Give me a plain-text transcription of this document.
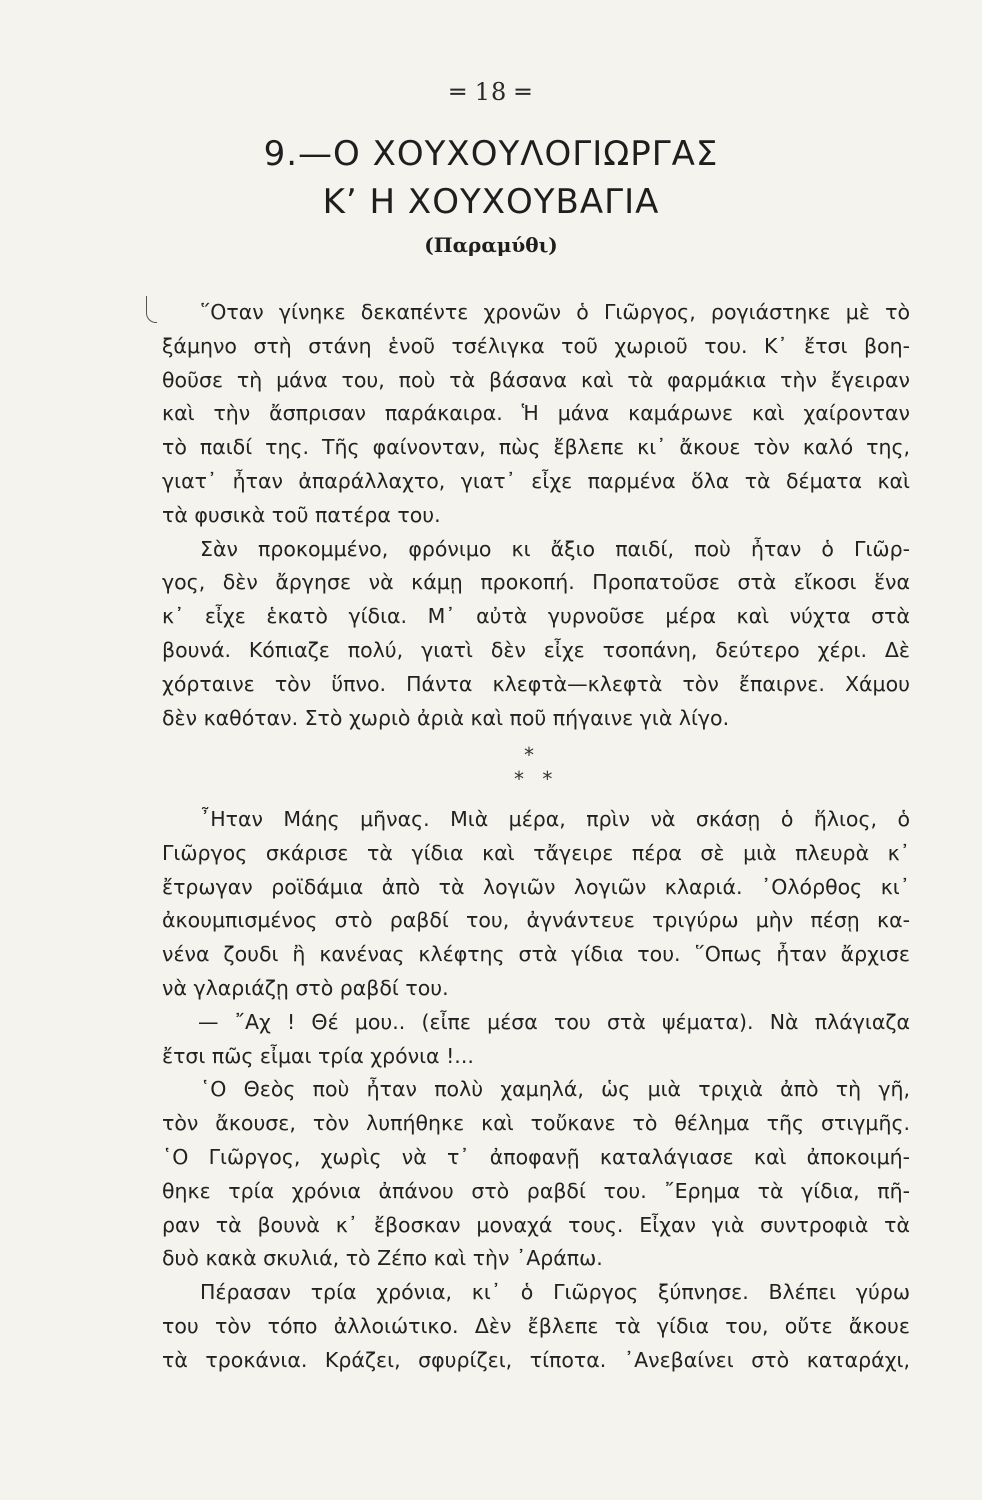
═ 18 ═
9.—Ο ΧΟΥΧΟΥΛΟΓΙΩΡΓΑΣ
Κ’ Η ΧΟΥΧΟΥΒΑΓΙΑ
(Παραμύθι)
῞Οταν γίνηκε δεκαπέντε χρονῶν ὁ Γιῶργος, ρογιάστηκε μὲ τὸ
ξάμηνο στὴ στάνη ἑνοῦ τσέλιγκα τοῦ χωριοῦ του. Κ᾿ ἔτσι βοη-
θοῦσε τὴ μάνα του, ποὺ τὰ βάσανα καὶ τὰ φαρμάκια τὴν ἔγειραν
καὶ τὴν ἄσπρισαν παράκαιρα. Ἡ μάνα καμάρωνε καὶ χαίρονταν
τὸ παιδί της. Τῆς φαίνονταν, πὼς ἔβλεπε κι᾿ ἄκουε τὸν καλό της,
γιατ᾿ ἦταν ἀπαράλλαχτο, γιατ᾿ εἶχε παρμένα ὅλα τὰ δέματα καὶ
τὰ φυσικὰ τοῦ πατέρα του.
Σὰν προκομμένο, φρόνιμο κι ἄξιο παιδί, ποὺ ἦταν ὁ Γιῶρ-
γος, δὲν ἄργησε νὰ κάμῃ προκοπή. Προπατοῦσε στὰ εἴκοσι ἕνα
κ᾿ εἶχε ἑκατὸ γίδια. Μ᾿ αὐτὰ γυρνοῦσε μέρα καὶ νύχτα στὰ
βουνά. Κόπιαζε πολύ, γιατὶ δὲν εἶχε τσοπάνη, δεύτερο χέρι. Δὲ
χόρταινε τὸν ὕπνο. Πάντα κλεφτὰ—κλεφτὰ τὸν ἔπαιρνε. Χάμου
δὲν καθόταν. Στὸ χωριὸ ἀριὰ καὶ ποῦ πήγαινε γιὰ λίγο.
*
* *
῏Ηταν Μάης μῆνας. Μιὰ μέρα, πρὶν νὰ σκάσῃ ὁ ἥλιος, ὁ
Γιῶργος σκάρισε τὰ γίδια καὶ τἄγειρε πέρα σὲ μιὰ πλευρὰ κ᾿
ἔτρωγαν ροϊδάμια ἀπὸ τὰ λογιῶν λογιῶν κλαριά. ᾿Ολόρθος κι᾿
ἀκουμπισμένος στὸ ραβδί του, ἀγνάντευε τριγύρω μὴν πέσῃ κα-
νένα ζουδι ἢ κανένας κλέφτης στὰ γίδια του. ῞Οπως ἦταν ἄρχισε
νὰ γλαριάζῃ στὸ ραβδί του.
— ῎Αχ ! Θέ μου.. (εἶπε μέσα του στὰ ψέματα). Νὰ πλάγιαζα
ἔτσι πῶς εἶμαι τρία χρόνια !...
῾Ο Θεὸς ποὺ ἦταν πολὺ χαμηλά, ὡς μιὰ τριχιὰ ἀπὸ τὴ γῆ,
τὸν ἄκουσε, τὸν λυπήθηκε καὶ τοὔκανε τὸ θέλημα τῆς στιγμῆς.
῾Ο Γιῶργος, χωρὶς νὰ τ᾿ ἀποφανῇ καταλάγιασε καὶ ἀποκοιμή-
θηκε τρία χρόνια ἀπάνου στὸ ραβδί του. ῎Ερημα τὰ γίδια, πῆ-
ραν τὰ βουνὰ κ᾿ ἔβοσκαν μοναχά τους. Εἶχαν γιὰ συντροφιὰ τὰ
δυὸ κακὰ σκυλιά, τὸ Ζέπο καὶ τὴν ᾿Αράπω.
Πέρασαν τρία χρόνια, κι᾿ ὁ Γιῶργος ξύπνησε. Βλέπει γύρω
του τὸν τόπο ἀλλοιώτικο. Δὲν ἔβλεπε τὰ γίδια του, οὔτε ἄκουε
τὰ τροκάνια. Κράζει, σφυρίζει, τίποτα. ᾿Ανεβαίνει στὸ καταράχι,
